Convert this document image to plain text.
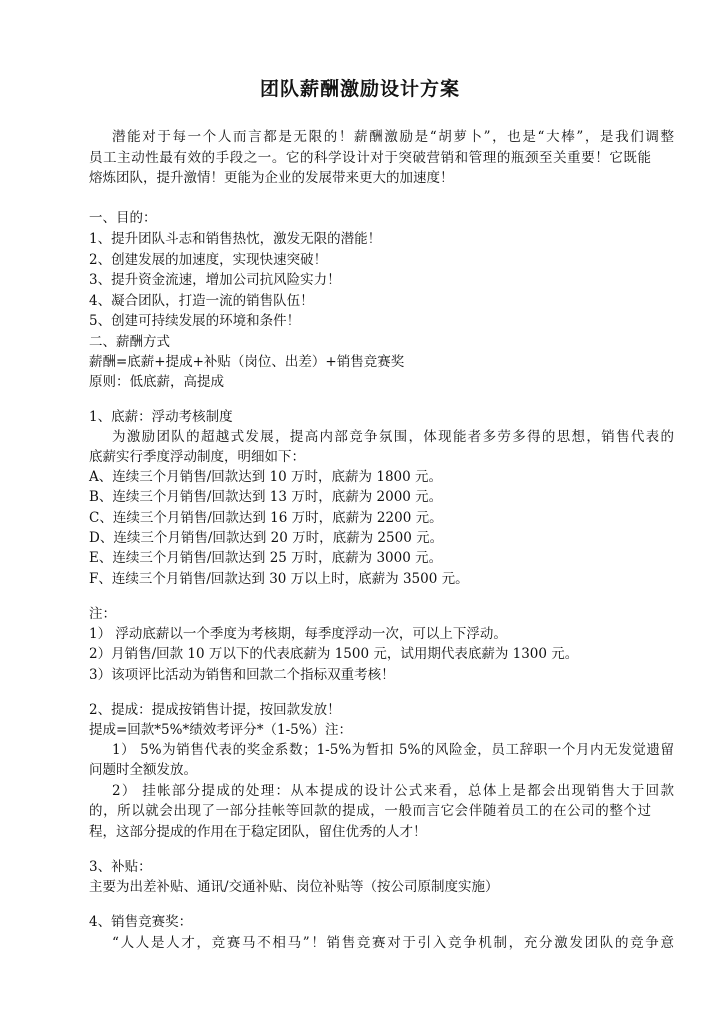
团队薪酬激励设计方案
潜能对于每一个人而言都是无限的！薪酬激励是“胡萝卜”，也是“大棒”，是我们调整
员工主动性最有效的手段之一。它的科学设计对于突破营销和管理的瓶颈至关重要！它既能
熔炼团队，提升激情！更能为企业的发展带来更大的加速度！
一、目的：
1、提升团队斗志和销售热忱，激发无限的潜能！
2、创建发展的加速度，实现快速突破！
3、提升资金流速，增加公司抗风险实力！
4、凝合团队，打造一流的销售队伍！
5、创建可持续发展的环境和条件！
二、薪酬方式
薪酬=底薪+提成+补贴（岗位、出差）+销售竞赛奖
原则：低底薪，高提成
1、底薪：浮动考核制度
为激励团队的超越式发展，提高内部竞争氛围，体现能者多劳多得的思想，销售代表的
底薪实行季度浮动制度，明细如下：
A、连续三个月销售/回款达到 10 万时，底薪为 1800 元。
B、连续三个月销售/回款达到 13 万时，底薪为 2000 元。
C、连续三个月销售/回款达到 16 万时，底薪为 2200 元。
D、连续三个月销售/回款达到 20 万时，底薪为 2500 元。
E、连续三个月销售/回款达到 25 万时，底薪为 3000 元。
F、连续三个月销售/回款达到 30 万以上时，底薪为 3500 元。
注：
1） 浮动底薪以一个季度为考核期，每季度浮动一次，可以上下浮动。
2）月销售/回款 10 万以下的代表底薪为 1500 元，试用期代表底薪为 1300 元。
3）该项评比活动为销售和回款二个指标双重考核！
2、提成：提成按销售计提，按回款发放！
提成=回款*5%*绩效考评分*（1-5%）注：
1） 5%为销售代表的奖金系数；1-5%为暂扣 5%的风险金，员工辞职一个月内无发觉遗留
问题时全额发放。
2） 挂帐部分提成的处理：从本提成的设计公式来看，总体上是都会出现销售大于回款
的，所以就会出现了一部分挂帐等回款的提成，一般而言它会伴随着员工的在公司的整个过
程，这部分提成的作用在于稳定团队，留住优秀的人才！
3、补贴：
主要为出差补贴、通讯/交通补贴、岗位补贴等（按公司原制度实施）
4、销售竞赛奖：
“人人是人才，竞赛马不相马”！销售竞赛对于引入竞争机制，充分激发团队的竞争意
